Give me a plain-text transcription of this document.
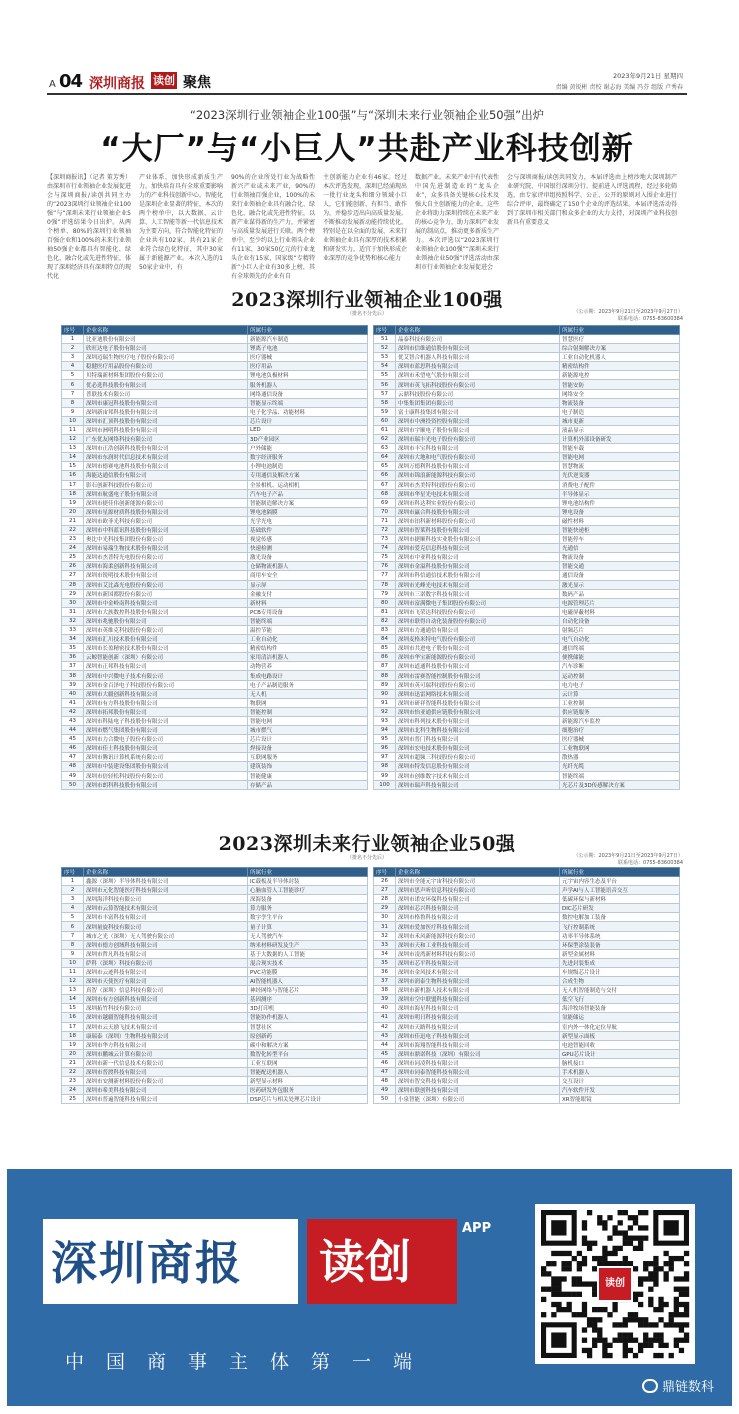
A 04 深圳商报 读创 聚焦	2023年9月21日 星期四
责编 黄锐彬 责校 谢志海 美编 冯芬 组版 卢秀春
“2023深圳行业领袖企业100强”与“深圳未来行业领袖企业50强”出炉
“大厂”与“小巨人”共赴产业科技创新
【深圳商报讯】（记者 董芳秀）由深圳市行业领袖企业发展促进会与深圳商报/读创共同主办的“2023深圳行业领袖企业100强”与“深圳未来行业领袖企业50强”评选结果今日出炉。从两个榜单、80%的深圳行业领袖百强企业和100%的未来行业领袖50强企业都具有智能化、绿色化、融合化或先进性特征，体现了深圳经济具有深圳特点的现代化
产业体系，加快形成新质生产力，加快培育具有全球重要影响力的产业科技创新中心。智能化是深圳企业显著的特征，本次的两个榜单中，以大数据、云计算、人工智能等新一代信息技术为主要方向，符合智能化特征的企业共有102家，共有21家企业符合绿色化特征，其中30家属于新能源产业。本次入选的150家企业中，有
90%的企业所处行业为战略性新兴产业或未来产业，90%的行业领袖百强企业，100%的未来行业领袖企业具有融合化、绿色化、融合化或先进性特征，以新产业谋得新的生产力，并紧密与高质量发展进行关联。两个榜单中，至少约以上行业领头企业有11家，30家50亿元的行业龙头企业有15家，国家级“专精特新”小巨人企业有30多上榜，其有全球领先的企业有自
主创新能力企业有46家。经过本次评选发现，深圳已经涌现出一批行业龙头和细分领域小巨人，它们能创新、有担当、敢作为，并稳步迈出向高质量发展。不断推动发展新动能持续优化，特别是在以全面的发展、未来行业领袖企业具有深厚的技术积累和研发实力，适宜于加快形成企业深厚的竞争优势和核心能力
数据产业。未来产业中有代表性中国先进制造业的“龙头企业”，众多具备关键核心技术及强大自主创新能力的企业，这些企业将助力深圳持续在未来产业的核心竞争力，助力深圳产业发展的制高点，推动更多新质生产力。本次评选以“2023深圳行业领袖企业100强”“深圳未来行业领袖企业50强”评选活动由深圳市行业领袖企业发展促进会
会与深圳商报/读创共同发力，本届评选由上榜沙地大深圳制产业研究院、中国银行深圳分行、提前进入评选流程，经过多轮筛选，由专家评审组按照科学、公正、公开的原则对入围企业进行综合评审，最终确定了150个企业的评选结果。本届评选活动得到了深圳市相关部门和众多企业的大力支持，对深圳产业科技创新具有重要意义
2023深圳行业领袖企业100强
（排名不分先后）	（公示期：2023年9月21日至2023年9月27日）
联系电话：0755-83600384
序号	企业名称	所属行业
1	比亚迪股份有限公司	新能源汽车制造
2	欣旺达电子股份有限公司	锂离子电池
3	深圳迈瑞生物医疗电子股份有限公司	医疗器械
4	稳健医疗用品股份有限公司	医疗用品
5	贝特瑞新材料集团股份有限公司	锂电池负极材料
6	优必选科技股份有限公司	服务机器人
7	普联技术有限公司	网络通信设备
8	深圳市康冠科技股份有限公司	智能显示终端
9	深圳新宙邦科技股份有限公司	电子化学品、功能材料
10	深圳市汇顶科技股份有限公司	芯片设计
11	深圳市洲明科技股份有限公司	LED
12	广东优友网络科技有限公司	3D产业园区
13	深圳市正浩创新科技股份有限公司	户外储能
14	深圳市东润时代信息技术有限公司	数字经济服务
15	深圳市德赛电池科技股份有限公司	小锂电池制造
16	海能达通信股份有限公司	专用通信及解决方案
17	影石创新科技股份有限公司	全景相机、运动相机
18	深圳市航盛电子股份有限公司	汽车电子产品
19	深圳市捷佳伟创新能源有限公司	智能制造解决方案
20	深圳市星源材质科技股份有限公司	锂电池隔膜
21	深圳市欧菲光科技有限公司	光学光电
22	深圳市中科蓝讯科技股份有限公司	基础软件
23	奥比中光科技集团股份有限公司	视觉传感
24	深圳市易瑞生物技术股份有限公司	快速检测
25	深圳市杰普特光电股份有限公司	激光设备
26	深圳市海柔创新科技有限公司	仓储物流机器人
27	深圳市锐明技术股份有限公司	商用车安全
28	深圳市艾比森光电股份有限公司	显示屏
29	深圳市新国都股份有限公司	金融支付
30	深圳市中金岭南科技有限公司	新材料
31	深圳市大族数控科技股份有限公司	PCB专用设备
32	深圳市兆驰股份有限公司	智能终端
33	深圳市英维克科技股份有限公司	温控节能
34	深圳市汇川技术股份有限公司	工业自动化
35	深圳市长盈精密技术股份有限公司	精密结构件
36	云鲸智能创新（深圳）有限公司	家用清洁机器人
37	深圳市正邦科技有限公司	动物营养
38	深圳市中兴微电子技术有限公司	集成电路设计
39	深圳市金百泽电子科技股份有限公司	电子产品制造服务
40	深圳市大疆创新科技有限公司	无人机
41	深圳市有方科技股份有限公司	物联网
42	深圳市拓邦股份有限公司	智能控制
43	深圳市科陆电子科技股份有限公司	智能电网
44	深圳市燃气集团股份有限公司	城市燃气
45	深圳市力合微电子股份有限公司	芯片设计
46	深圳市佳士科技股份有限公司	焊接设备
47	深圳市腾讯计算机系统有限公司	互联网服务
48	深圳市中装建设集团股份有限公司	建筑装饰
49	深圳市倍轻松科技股份有限公司	智能健康
50	深圳市朗科科技股份有限公司	存储产品
序号	企业名称	所属行业
51	晶泰科技有限公司	智慧医疗
52	深圳市信维通信股份有限公司	综合射频解决方案
53	优艾智合机器人科技有限公司	工业自动化机器人
54	深圳市蓝思科技有限公司	精密结构件
55	深圳市禾望电气股份有限公司	新能源电控
56	深圳市英飞拓科技股份有限公司	智能安防
57	云鼎科技股份有限公司	网络安全
58	中集集团集团有限公司	物流装备
59	富士康科技集团有限公司	电子制造
60	深圳市中洲投资控股有限公司	城市更新
61	深圳市宇顺电子股份有限公司	液晶显示
62	深圳市瑞丰光电子股份有限公司	计算机外部设备研发
63	深圳市丰宝科技有限公司	智能车载
64	深圳市大地和电气股份有限公司	智能电网
65	深圳万德利科技股份有限公司	智慧物流
66	深圳市锦浪新能源科技有限公司	光伏逆变器
67	深圳市杰美特科技股份有限公司	消费电子配件
68	深圳市华星光电技术有限公司	半导体显示
69	深圳市科达利实业股份有限公司	锂电池结构件
70	深圳市赢合科技股份有限公司	锂电设备
71	深圳市铂科新材料股份有限公司	磁性材料
72	深圳市智莱科技股份有限公司	智能快递柜
73	深圳市捷顺科技实业股份有限公司	智能停车
74	深圳市爱克信息科技有限公司	光通信
75	深圳市中亚科技有限公司	物流设备
76	深圳市金溢科技股份有限公司	智能交通
77	深圳市科信通信技术股份有限公司	通信设备
78	深圳市光峰光电技术有限公司	激光显示
79	深圳市三诺数字科技有限公司	数码产品
80	深圳市富满微电子集团股份有限公司	电源管理芯片
81	深圳市飞荣达科技股份有限公司	电磁屏蔽材料
82	深圳市联得自动化装备股份有限公司	自动化设备
83	深圳市力通通信有限公司	射频芯片
84	深圳麦格米特电气股份有限公司	电气自动化
85	深圳市共进电子股份有限公司	通信终端
86	深圳市华宝新能源股份有限公司	便携储能
87	深圳市道通科技股份有限公司	汽车诊断
88	深圳市雷赛智能控制股份有限公司	运动控制
89	深圳市英可瑞科技股份有限公司	电力电子
90	深圳市迅雷网络技术有限公司	云计算
91	深圳市研祥智能科技股份有限公司	工业控制
92	深圳市怡亚通供应链股份有限公司	供应链服务
93	深圳市科列技术股份有限公司	新能源汽车监控
94	深圳市北科生物科技有限公司	细胞治疗
95	深圳市普门科技有限公司	医疗器械
96	深圳市宏电技术股份有限公司	工业物联网
97	深圳市超频三科技股份有限公司	散热器
98	深圳市特发信息股份有限公司	光纤光缆
99	深圳市创维数字技术有限公司	智能终端
100	深圳市瑞声科技有限公司	光芯片及3D传感解决方案
2023深圳未来行业领袖企业50强
（排名不分先后）	（公示期：2023年9月21日至2023年9月27日）
联系电话：0755-83600384
序号	企业名称	所属行业
1	鑫源（深圳）半导体科技有限公司	IC载板及半导体封装
2	深圳市元化智能医疗科技有限公司	心脑血管人工智能诊疗
3	深圳海洋科技有限公司	深海装备
4	深圳市云算智能技术有限公司	算力服务
5	深圳市丰富科技有限公司	数字孪生平台
6	深圳量旋科技有限公司	量子计算
7	城市之光（深圳）无人驾驶有限公司	无人驾驶汽车
8	深圳市德方创域科技有限公司	纳米材料研发及生产
9	深圳市哲凡科技有限公司	基于大数据的人工智能
10	萨科（深圳）科技有限公司	混合现实技术
11	深圳市云迹科技有限公司	PVC功能膜
12	深圳市天使医疗有限公司	AI智能机器人
13	真智（深圳）信息科技有限公司	神经网络与智能芯片
14	深圳市有方创新科技有限公司	基因测序
15	深圳拓竹科技有限公司	3D打印机
16	深圳市越疆智能科技有限公司	智能协作机器人
17	深圳市云天励飞技术有限公司	智慧社区
18	康瑞泰（深圳）生物科技有限公司	原创新药
19	深圳市华方科技有限公司	碳中和解决方案
20	深圳市鹏城云计算有限公司	数智化转型平台
21	深圳市新一代信息技术有限公司	工业互联网
22	深圳市普渡科技有限公司	智能配送机器人
23	深圳市安测新材料股份有限公司	新型显示材料
24	深圳市希美科技有限公司	医药研发外包服务
25	深圳市普遍智能科技有限公司	DSP芯片与相关处理芯片设计
序号	企业名称	所属行业
26	深圳市全能元宇宙科技有限公司	元宇宙内容生态及平台
27	深圳市思声听信息科技有限公司	声学AI与人工智能语音交互
28	深圳市诺安环保科技有限公司	低碳环保与新材料
29	深圳市芯兴科技有限公司	DIC芯片研发
30	深圳市格鲁科技有限公司	数控电解加工装备
31	深圳市爱加医疗科技有限公司	飞行控制系统
32	深圳市禾风新能源科技有限公司	功率半导体系统
33	深圳市天和工业科技有限公司	环保型涂装装备
34	深圳市凌湾新材料科技有限公司	新型金属材料
35	深圳市芯平科技有限公司	先进封装集成
36	深圳市金风技术有限公司	车规级芯片设计
37	深圳市润泰生物科技有限公司	合成生物
38	深圳市新机器人技术有限公司	无人机智能制造与交付
39	深圳市空中联盟科技有限公司	低空飞行
40	深圳市海星科技有限公司	海洋牧场智能装备
41	深圳市明日科技有限公司	氢能储运
42	深圳市天路科技有限公司	室内外一体化定位导航
43	深圳市佳迅电子科技有限公司	新型显示面板
44	深圳市海翔智能科技有限公司	电池智能回收
45	深圳市鼎诺科技（深圳）有限公司	GPU芯片设计
46	深圳市同凌科技有限公司	脑机接口
47	深圳市同泰智能科技有限公司	手术机器人
48	深圳市智交科技有限公司	交互设计
49	深圳市联创科技有限公司	汽车软件开发
50	小泉智能（深圳）有限公司	XR智能眼镜
深圳商报 读创
APP
中国商事主体第一端
读创
鼎链数科
